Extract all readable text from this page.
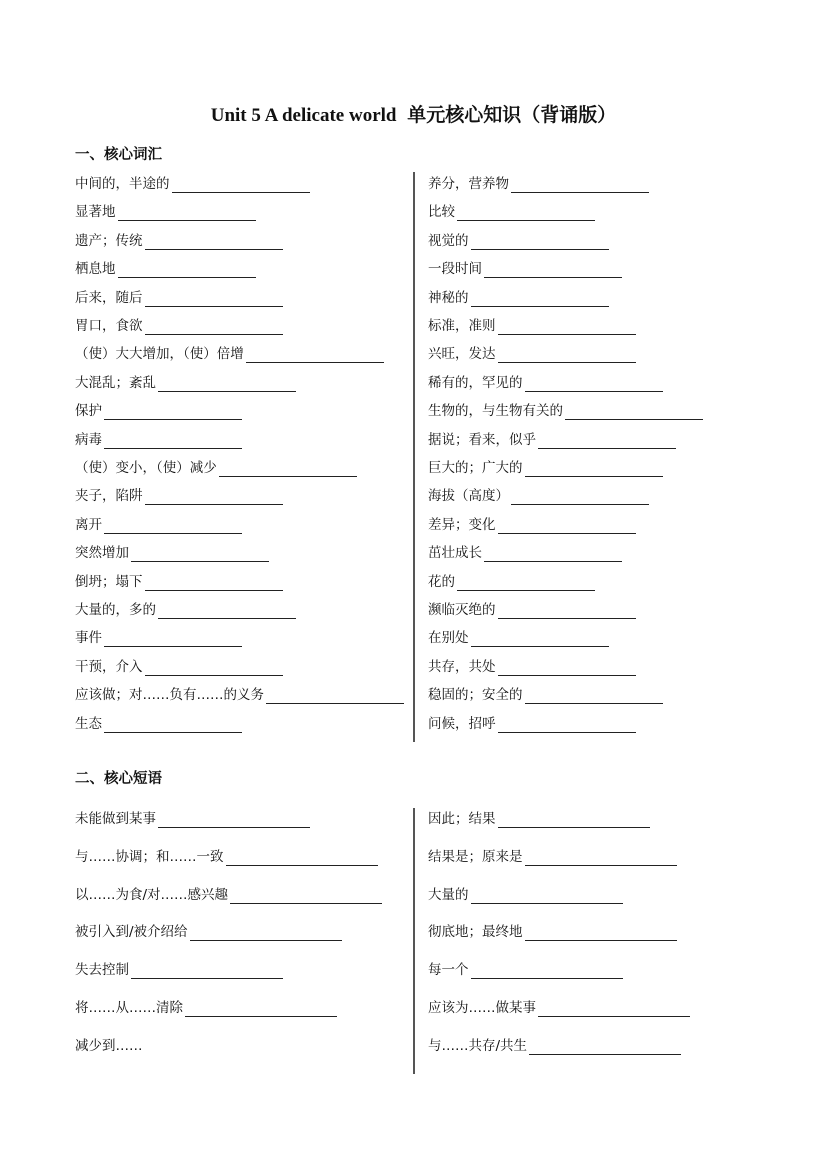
Unit 5 A delicate world 单元核心知识（背诵版）
一、核心词汇
中间的，半途的
显著地
遗产；传统
栖息地
后来，随后
胃口，食欲
（使）大大增加，（使）倍增
大混乱；紊乱
保护
病毒
（使）变小，（使）减少
夹子，陷阱
离开
突然增加
倒坍；塌下
大量的，多的
事件
干预，介入
应该做；对……负有……的义务
生态
养分，营养物
比较
视觉的
一段时间
神秘的
标准，准则
兴旺，发达
稀有的，罕见的
生物的，与生物有关的
据说；看来，似乎
巨大的；广大的
海拔（高度）
差异；变化
茁壮成长
花的
濒临灭绝的
在别处
共存，共处
稳固的；安全的
问候，招呼
二、核心短语
未能做到某事
与……协调；和……一致
以……为食/对……感兴趣
被引入到/被介绍给
失去控制
将……从……清除
减少到……
因此；结果
结果是；原来是
大量的
彻底地；最终地
每一个
应该为……做某事
与……共存/共生
